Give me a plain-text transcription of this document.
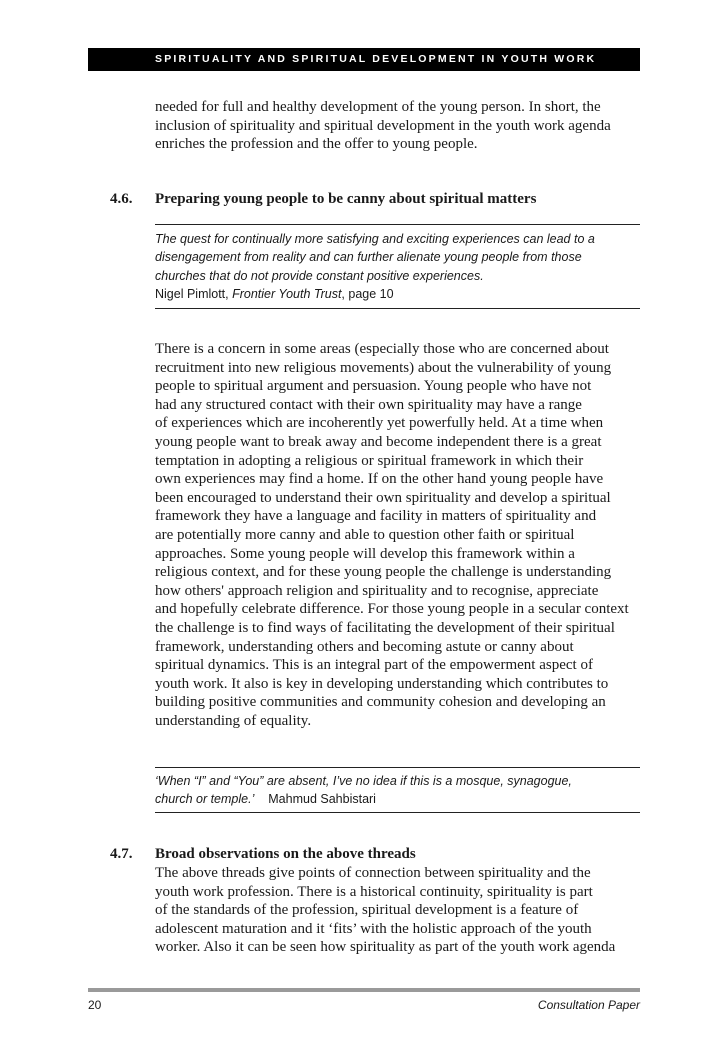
SPIRITUALITY AND SPIRITUAL DEVELOPMENT IN YOUTH WORK
needed for full and healthy development of the young person. In short, the
inclusion of spirituality and spiritual development in the youth work agenda
enriches the profession and the offer to young people.
4.6. Preparing young people to be canny about spiritual matters
The quest for continually more satisfying and exciting experiences can lead to a
disengagement from reality and can further alienate young people from those
churches that do not provide constant positive experiences.
Nigel Pimlott, Frontier Youth Trust, page 10
There is a concern in some areas (especially those who are concerned about
recruitment into new religious movements) about the vulnerability of young
people to spiritual argument and persuasion. Young people who have not
had any structured contact with their own spirituality may have a range
of experiences which are incoherently yet powerfully held. At a time when
young people want to break away and become independent there is a great
temptation in adopting a religious or spiritual framework in which their
own experiences may find a home. If on the other hand young people have
been encouraged to understand their own spirituality and develop a spiritual
framework they have a language and facility in matters of spirituality and
are potentially more canny and able to question other faith or spiritual
approaches. Some young people will develop this framework within a
religious context, and for these young people the challenge is understanding
how others' approach religion and spirituality and to recognise, appreciate
and hopefully celebrate difference. For those young people in a secular context
the challenge is to find ways of facilitating the development of their spiritual
framework, understanding others and becoming astute or canny about
spiritual dynamics. This is an integral part of the empowerment aspect of
youth work. It also is key in developing understanding which contributes to
building positive communities and community cohesion and developing an
understanding of equality.
‘When “I” and “You” are absent, I’ve no idea if this is a mosque, synagogue,
church or temple.’ Mahmud Sahbistari
4.7. Broad observations on the above threads
The above threads give points of connection between spirituality and the
youth work profession. There is a historical continuity, spirituality is part
of the standards of the profession, spiritual development is a feature of
adolescent maturation and it ‘fits’ with the holistic approach of the youth
worker. Also it can be seen how spirituality as part of the youth work agenda
20	Consultation Paper
